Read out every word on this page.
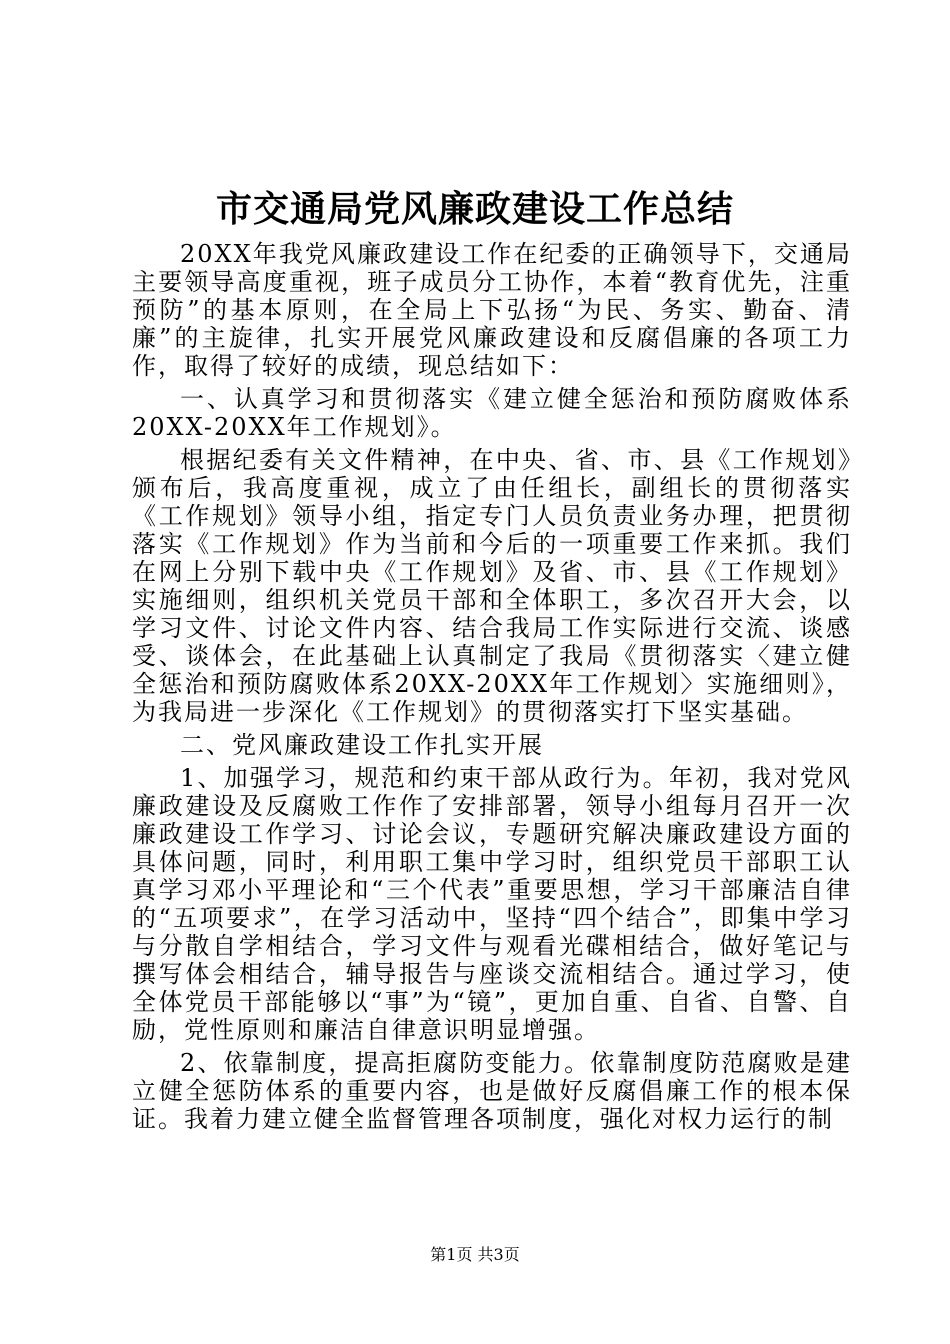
市交通局党风廉政建设工作总结

20XX年我党风廉政建设工作在纪委的正确领导下，交通局主要领导高度重视，班子成员分工协作，本着“教育优先，注重预防”的基本原则，在全局上下弘扬“为民、务实、勤奋、清廉”的主旋律，扎实开展党风廉政建设和反腐倡廉的各项工力作，取得了较好的成绩，现总结如下：

一、认真学习和贯彻落实《建立健全惩治和预防腐败体系20XX-20XX年工作规划》。

根据纪委有关文件精神，在中央、省、市、县《工作规划》颁布后，我高度重视，成立了由任组长，副组长的贯彻落实《工作规划》领导小组，指定专门人员负责业务办理，把贯彻落实《工作规划》作为当前和今后的一项重要工作来抓。我们在网上分别下载中央《工作规划》及省、市、县《工作规划》实施细则，组织机关党员干部和全体职工，多次召开大会，以学习文件、讨论文件内容、结合我局工作实际进行交流、谈感受、谈体会，在此基础上认真制定了我局《贯彻落实〈建立健全惩治和预防腐败体系20XX-20XX年工作规划〉实施细则》，为我局进一步深化《工作规划》的贯彻落实打下坚实基础。

二、党风廉政建设工作扎实开展

1、加强学习，规范和约束干部从政行为。年初，我对党风廉政建设及反腐败工作作了安排部署，领导小组每月召开一次廉政建设工作学习、讨论会议，专题研究解决廉政建设方面的具体问题，同时，利用职工集中学习时，组织党员干部职工认真学习邓小平理论和“三个代表”重要思想，学习干部廉洁自律的“五项要求”，在学习活动中，坚持“四个结合”，即集中学习与分散自学相结合，学习文件与观看光碟相结合，做好笔记与撰写体会相结合，辅导报告与座谈交流相结合。通过学习，使全体党员干部能够以“事”为“镜”，更加自重、自省、自警、自励，党性原则和廉洁自律意识明显增强。

2、依靠制度，提高拒腐防变能力。依靠制度防范腐败是建立健全惩防体系的重要内容，也是做好反腐倡廉工作的根本保证。我着力建立健全监督管理各项制度，强化对权力运行的制

第1页 共3页
